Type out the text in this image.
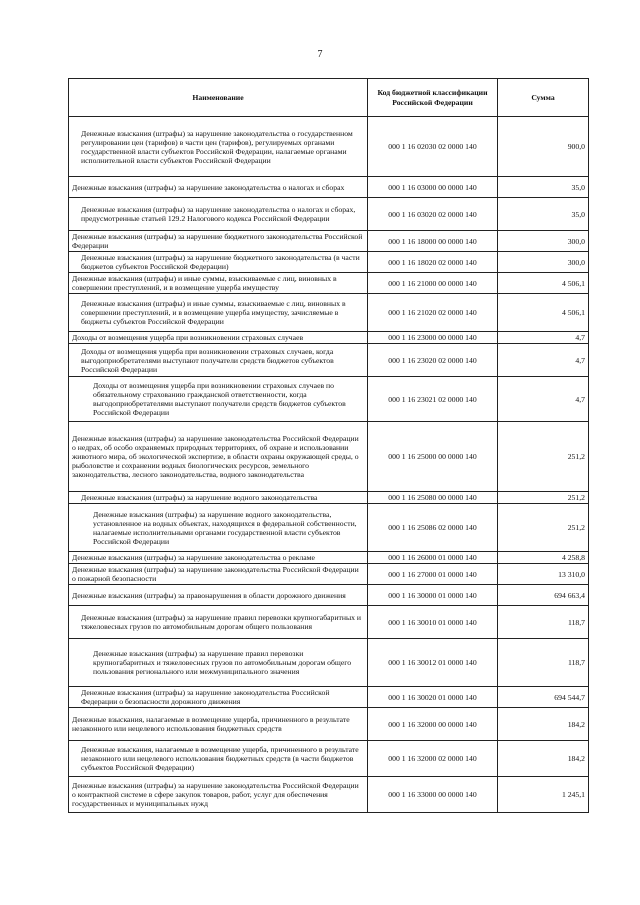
7
Наименование	Код бюджетной классификации Российской Федерации	Сумма
Денежные взыскания (штрафы) за нарушение законодательства о государственном регулировании цен (тарифов) в части цен (тарифов), регулируемых органами государственной власти субъектов Российской Федерации, налагаемые органами исполнительной власти субъектов Российской Федерации	000 1 16 02030 02 0000 140	900,0
Денежные взыскания (штрафы) за нарушение законодательства о налогах и сборах	000 1 16 03000 00 0000 140	35,0
Денежные взыскания (штрафы) за нарушение законодательства о налогах и сборах, предусмотренные статьей 129.2 Налогового кодекса Российской Федерации	000 1 16 03020 02 0000 140	35,0
Денежные взыскания (штрафы) за нарушение бюджетного законодательства Российской Федерации	000 1 16 18000 00 0000 140	300,0
Денежные взыскания (штрафы) за нарушение бюджетного законодательства (в части бюджетов субъектов Российской Федерации)	000 1 16 18020 02 0000 140	300,0
Денежные взыскания (штрафы) и иные суммы, взыскиваемые с лиц, виновных в совершении преступлений, и в возмещение ущерба имуществу	000 1 16 21000 00 0000 140	4 506,1
Денежные взыскания (штрафы) и иные суммы, взыскиваемые с лиц, виновных в совершении преступлений, и в возмещение ущерба имуществу, зачисляемые в бюджеты субъектов Российской Федерации	000 1 16 21020 02 0000 140	4 506,1
Доходы от возмещения ущерба при возникновении страховых случаев	000 1 16 23000 00 0000 140	4,7
Доходы от возмещения ущерба при возникновении страховых случаев, когда выгодоприобретателями выступают получатели средств бюджетов субъектов Российской Федерации	000 1 16 23020 02 0000 140	4,7
Доходы от возмещения ущерба при возникновении страховых случаев по обязательному страхованию гражданской ответственности, когда выгодоприобретателями выступают получатели средств бюджетов субъектов Российской Федерации	000 1 16 23021 02 0000 140	4,7
Денежные взыскания (штрафы) за нарушение законодательства Российской Федерации о недрах, об особо охраняемых природных территориях, об охране и использовании животного мира, об экологической экспертизе, в области охраны окружающей среды, о рыболовстве и сохранении водных биологических ресурсов, земельного законодательства, лесного законодательства, водного законодательства	000 1 16 25000 00 0000 140	251,2
Денежные взыскания (штрафы) за нарушение водного законодательства	000 1 16 25080 00 0000 140	251,2
Денежные взыскания (штрафы) за нарушение водного законодательства, установленное на водных объектах, находящихся в федеральной собственности, налагаемые исполнительными органами государственной власти субъектов Российской Федерации	000 1 16 25086 02 0000 140	251,2
Денежные взыскания (штрафы) за нарушение законодательства о рекламе	000 1 16 26000 01 0000 140	4 258,8
Денежные взыскания (штрафы) за нарушение законодательства Российской Федерации о пожарной безопасности	000 1 16 27000 01 0000 140	13 310,0
Денежные взыскания (штрафы) за правонарушения в области дорожного движения	000 1 16 30000 01 0000 140	694 663,4
Денежные взыскания (штрафы) за нарушение правил перевозки крупногабаритных и тяжеловесных грузов по автомобильным дорогам общего пользования	000 1 16 30010 01 0000 140	118,7
Денежные взыскания (штрафы) за нарушение правил перевозки крупногабаритных и тяжеловесных грузов по автомобильным дорогам общего пользования регионального или межмуниципального значения	000 1 16 30012 01 0000 140	118,7
Денежные взыскания (штрафы) за нарушение законодательства Российской Федерации о безопасности дорожного движения	000 1 16 30020 01 0000 140	694 544,7
Денежные взыскания, налагаемые в возмещение ущерба, причиненного в результате незаконного или нецелевого использования бюджетных средств	000 1 16 32000 00 0000 140	184,2
Денежные взыскания, налагаемые в возмещение ущерба, причиненного в результате незаконного или нецелевого использования бюджетных средств (в части бюджетов субъектов Российской Федерации)	000 1 16 32000 02 0000 140	184,2
Денежные взыскания (штрафы) за нарушение законодательства Российской Федерации о контрактной системе в сфере закупок товаров, работ, услуг для обеспечения государственных и муниципальных нужд	000 1 16 33000 00 0000 140	1 245,1
